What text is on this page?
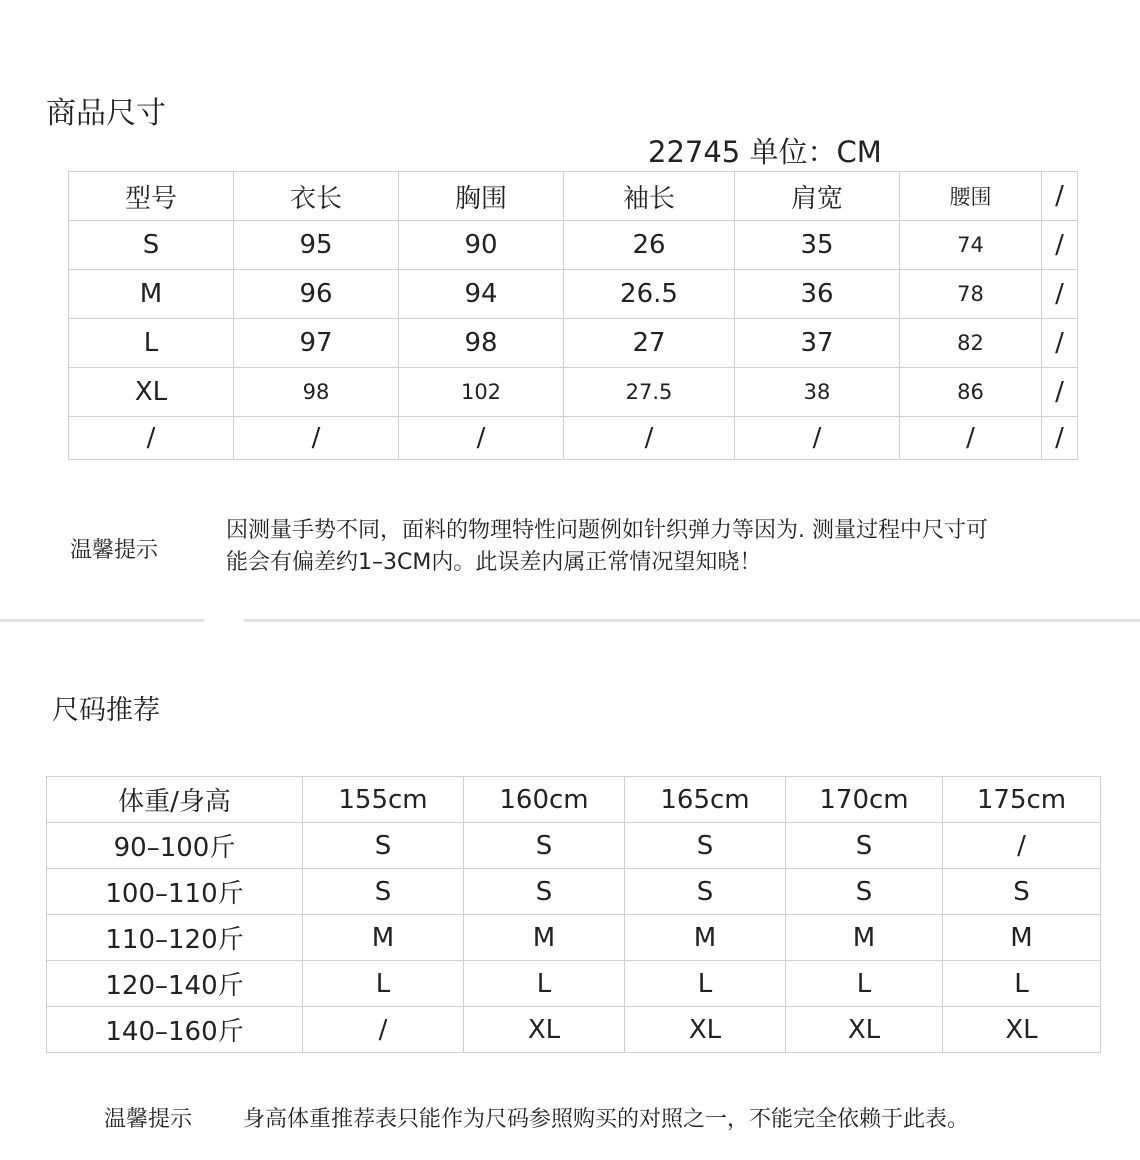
商品尺寸
22745 单位：CM
型号	衣长	胸围	袖长	肩宽	腰围	/
S	95	90	26	35	74	/
M	96	94	26.5	36	78	/
L	97	98	27	37	82	/
XL	98	102	27.5	38	86	/
/	/	/	/	/	/	/
温馨提示
因测量手势不同，面料的物理特性问题例如针织弹力等因为. 测量过程中尺寸可
能会有偏差约1–3CM内。此误差内属正常情况望知晓！
尺码推荐
体重/身高	155cm	160cm	165cm	170cm	175cm
90–100斤	S	S	S	S	/
100–110斤	S	S	S	S	S
110–120斤	M	M	M	M	M
120–140斤	L	L	L	L	L
140–160斤	/	XL	XL	XL	XL
温馨提示 身高体重推荐表只能作为尺码参照购买的对照之一，不能完全依赖于此表。
